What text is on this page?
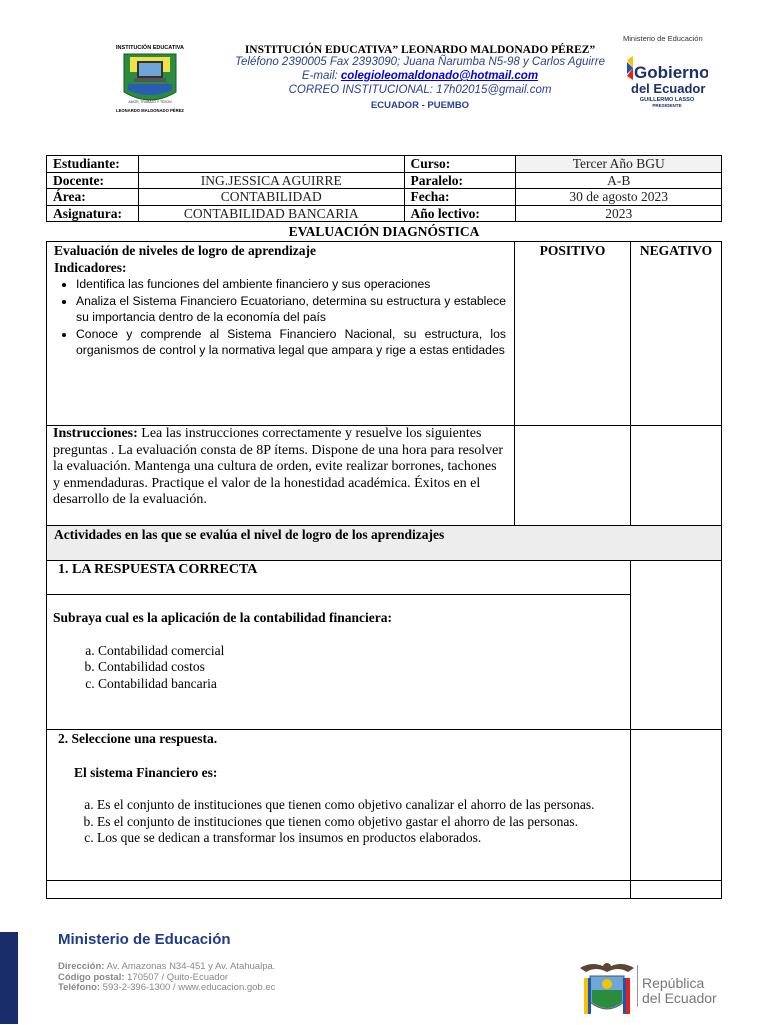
INSTITUCIÓN EDUCATIVA
AMOR, TRABAJO Y TESON
LEONARDO MALDONADO PÉREZ
INSTITUCIÓN EDUCATIVA” LEONARDO MALDONADO PÉREZ”
Teléfono 2390005 Fax 2393090; Juana Ñarumba N5-98 y Carlos Aguirre
E-mail: colegioleomaldonado@hotmail.com
CORREO INSTITUCIONAL: 17h02015@gmail.com
ECUADOR - PUEMBO
Ministerio de Educación
Gobierno
del Ecuador
GUILLERMO LASSO
PRESIDENTE
Estudiante:		Curso:	Tercer Año BGU
Docente:	ING.JESSICA AGUIRRE	Paralelo:	A-B
Área:	CONTABILIDAD	Fecha:	30 de agosto 2023
Asignatura:	CONTABILIDAD BANCARIA	Año lectivo:	2023
EVALUACIÓN DIAGNÓSTICA
Evaluación de niveles de logro de aprendizaje
Indicadores:
• Identifica las funciones del ambiente financiero y sus operaciones
• Analiza el Sistema Financiero Ecuatoriano, determina su estructura y establece su importancia dentro de la economía del país
• Conoce y comprende al Sistema Financiero Nacional, su estructura, los organismos de control y la normativa legal que ampara y rige a estas entidades
POSITIVO	NEGATIVO
Instrucciones: Lea las instrucciones correctamente y resuelve los siguientes preguntas . La evaluación consta de 8P ítems. Dispone de una hora para resolver la evaluación. Mantenga una cultura de orden, evite realizar borrones, tachones y enmendaduras. Practique el valor de la honestidad académica. Éxitos en el desarrollo de la evaluación.
Actividades en las que se evalúa el nivel de logro de los aprendizajes
1. LA RESPUESTA CORRECTA
Subraya cual es la aplicación de la contabilidad financiera:
a. Contabilidad comercial
b. Contabilidad costos
c. Contabilidad bancaria
2. Seleccione una respuesta.
El sistema Financiero es:
a. Es el conjunto de instituciones que tienen como objetivo canalizar el ahorro de las personas.
b. Es el conjunto de instituciones que tienen como objetivo gastar el ahorro de las personas.
c. Los que se dedican a transformar los insumos en productos elaborados.
Ministerio de Educación
Dirección: Av. Amazonas N34-451 y Av. Atahualpa.
Código postal: 170507 / Quito-Ecuador
Teléfono: 593-2-396-1300 / www.educacion.gob.ec	República
del Ecuador
